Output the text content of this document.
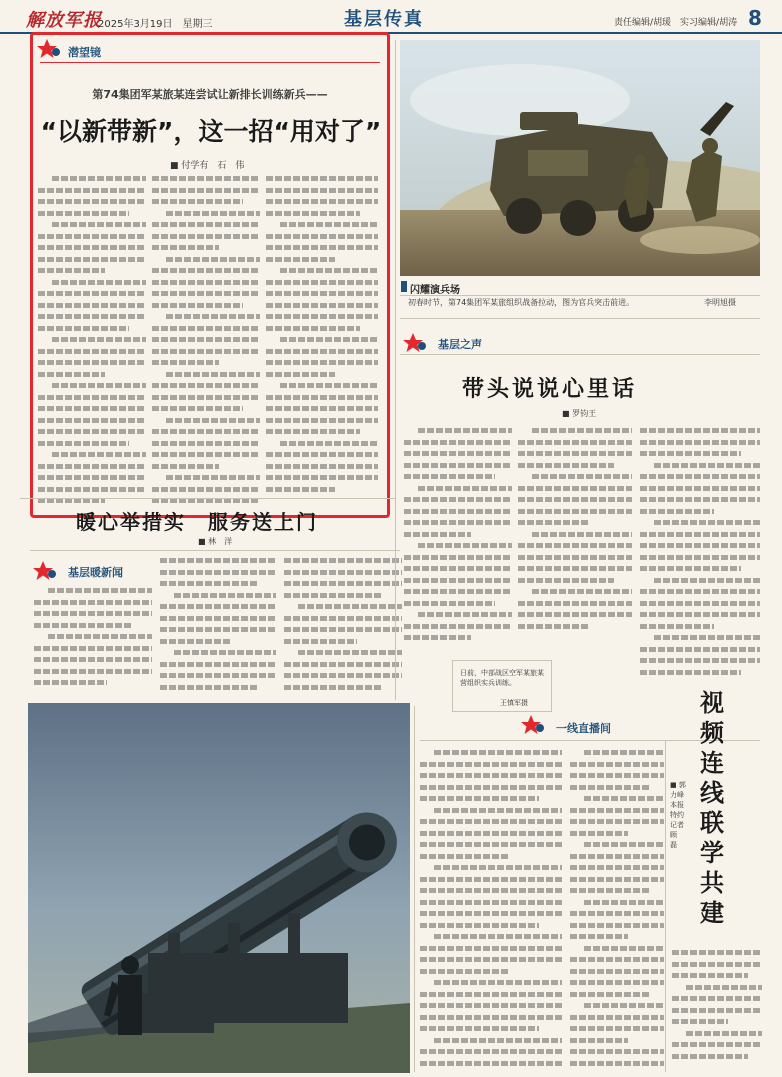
解放军报
2025年3月19日　星期三	基层传真	责任编辑/胡瑗　实习编辑/胡涛 8
潜望镜
第74集团军某旅某连尝试让新排长训练新兵——
“以新带新”，这一招“用对了”
■ 付学有　石　伟
闪耀演兵场
初春时节，第74集团军某旅组织战备拉动，图为官兵突击前进。	李明旭摄
基层之声
带头说说心里话
■ 罗钧王
日前，中部战区空军某旅某营组织实兵训练。
王慎军摄
一线直播间
视频连线　联学共建
■ 郭力峰　本报特约记者　顾　磊
暖心举措实　服务送上门
■ 林　洋
基层暖新闻
